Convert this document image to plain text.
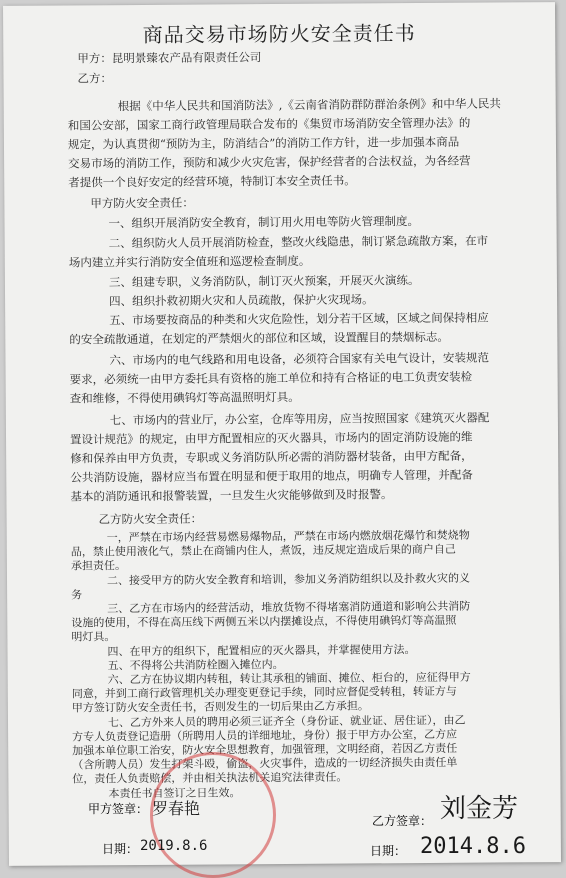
商品交易市场防火安全责任书
甲方：昆明景臻农产品有限责任公司
乙方：
根据《中华人民共和国消防法》,《云南省消防群防群治条例》和中华人民共
和国公安部，国家工商行政管理局联合发布的《集贸市场消防安全管理办法》的
规定，为认真贯彻“预防为主，防消结合”的消防工作方针，进一步加强本商品
交易市场的消防工作，预防和减少火灾危害，保护经营者的合法权益，为各经营
者提供一个良好安定的经营环境，特制订本安全责任书。
甲方防火安全责任：
一、组织开展消防安全教育，制订用火用电等防火管理制度。
二、组织防火人员开展消防检查，整改火线隐患，制订紧急疏散方案，在市
场内建立并实行消防安全值班和巡逻检查制度。
三、组建专职，义务消防队，制订灭火预案，开展灭火演练。
四、组织扑救初期火灾和人员疏散，保护火灾现场。
五、市场要按商品的种类和火灾危险性，划分若干区域，区域之间保持相应
的安全疏散通道，在划定的严禁烟火的部位和区域，设置醒目的禁烟标志。
六、市场内的电气线路和用电设备，必须符合国家有关电气设计，安装规范
要求，必须统一由甲方委托具有资格的施工单位和持有合格证的电工负责安装检
查和维修，不得使用碘钨灯等高温照明灯具。
七、市场内的营业厅，办公室，仓库等用房，应当按照国家《建筑灭火器配
置设计规范》的规定，由甲方配置相应的灭火器具，市场内的固定消防设施的维
修和保养由甲方负责，专职或义务消防队所必需的消防器材装备，由甲方配备，
公共消防设施，器材应当布置在明显和便于取用的地点，明确专人管理，并配备
基本的消防通讯和报警装置，一旦发生火灾能够做到及时报警。
乙方防火安全责任：
一，严禁在市场内经营易燃易爆物品，严禁在市场内燃放烟花爆竹和焚烧物
品，禁止使用液化气，禁止在商铺内住人，煮饭，违反规定造成后果的商户自己
承担责任。
二、接受甲方的防火安全教育和培训，参加义务消防组织以及扑救火灾的义
务
三、乙方在市场内的经营活动，堆放货物不得堵塞消防通道和影响公共消防
设施的使用，不得在高压线下两侧五米以内摆摊设点，不得使用碘钨灯等高温照
明灯具。
四、在甲方的组织下，配置相应的灭火器具，并掌握使用方法。
五、不得将公共消防栓圈入摊位内。
六、乙方在协议期内转租，转让其承租的铺面、摊位、柜台的，应征得甲方
同意，并到工商行政管理机关办理变更登记手续，同时应督促受转租，转证方与
甲方签订防火安全责任书，否则发生的一切后果由乙方承担。
七、乙方外来人员的聘用必须三证齐全（身份证、就业证、居住证），由乙
方专人负责登记造册（所聘用人员的详细地址，身份）报于甲方办公室，乙方应
加强本单位职工治安，防火安全思想教育，加强管理，文明经商，若因乙方责任
（含所聘人员）发生打架斗殴，偷盗，火灾事件，造成的一切经济损失由责任单
位，责任人负责赔偿，并由相关执法机关追究法律责任。
本责任书自签订之日生效。
甲方签章： 罗春艳
日期： 2019.8.6
乙方签章： 刘金芳
日期： 2014.8.6
